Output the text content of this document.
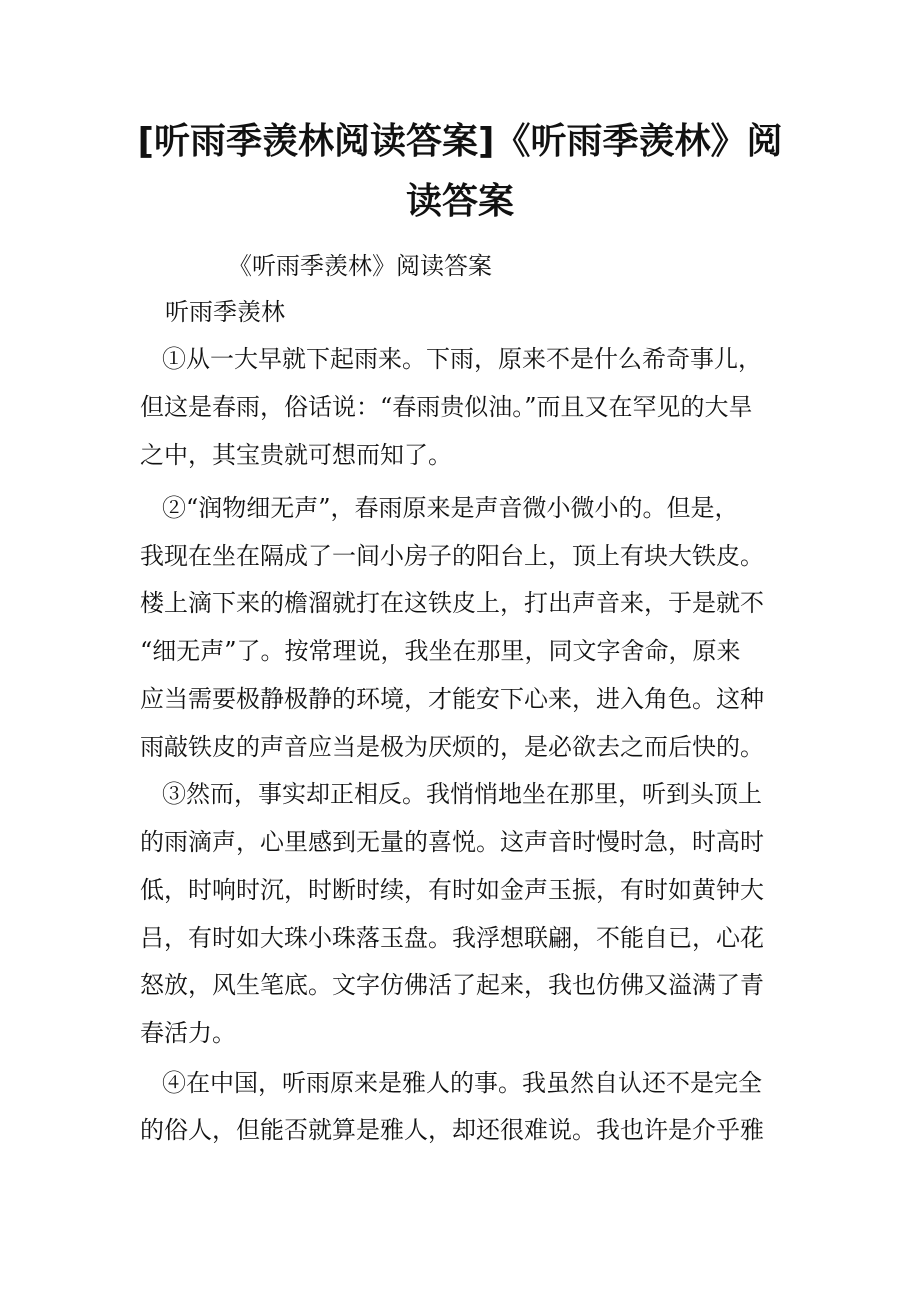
[听雨季羡林阅读答案]《听雨季羡林》阅读答案

《听雨季羡林》阅读答案

听雨季羡林

①从一大早就下起雨来。下雨，原来不是什么希奇事儿，

但这是春雨，俗话说：“春雨贵似油。”而且又在罕见的大旱

之中，其宝贵就可想而知了。

②“润物细无声”，春雨原来是声音微小微小的。但是，

我现在坐在隔成了一间小房子的阳台上，顶上有块大铁皮。

楼上滴下来的檐溜就打在这铁皮上，打出声音来，于是就不

“细无声”了。按常理说，我坐在那里，同文字舍命，原来

应当需要极静极静的环境，才能安下心来，进入角色。这种

雨敲铁皮的声音应当是极为厌烦的，是必欲去之而后快的。

③然而，事实却正相反。我悄悄地坐在那里，听到头顶上

的雨滴声，心里感到无量的喜悦。这声音时慢时急，时高时

低，时响时沉，时断时续，有时如金声玉振，有时如黄钟大

吕，有时如大珠小珠落玉盘。我浮想联翩，不能自已，心花

怒放，风生笔底。文字仿佛活了起来，我也仿佛又溢满了青

春活力。

④在中国，听雨原来是雅人的事。我虽然自认还不是完全

的俗人，但能否就算是雅人，却还很难说。我也许是介乎雅
